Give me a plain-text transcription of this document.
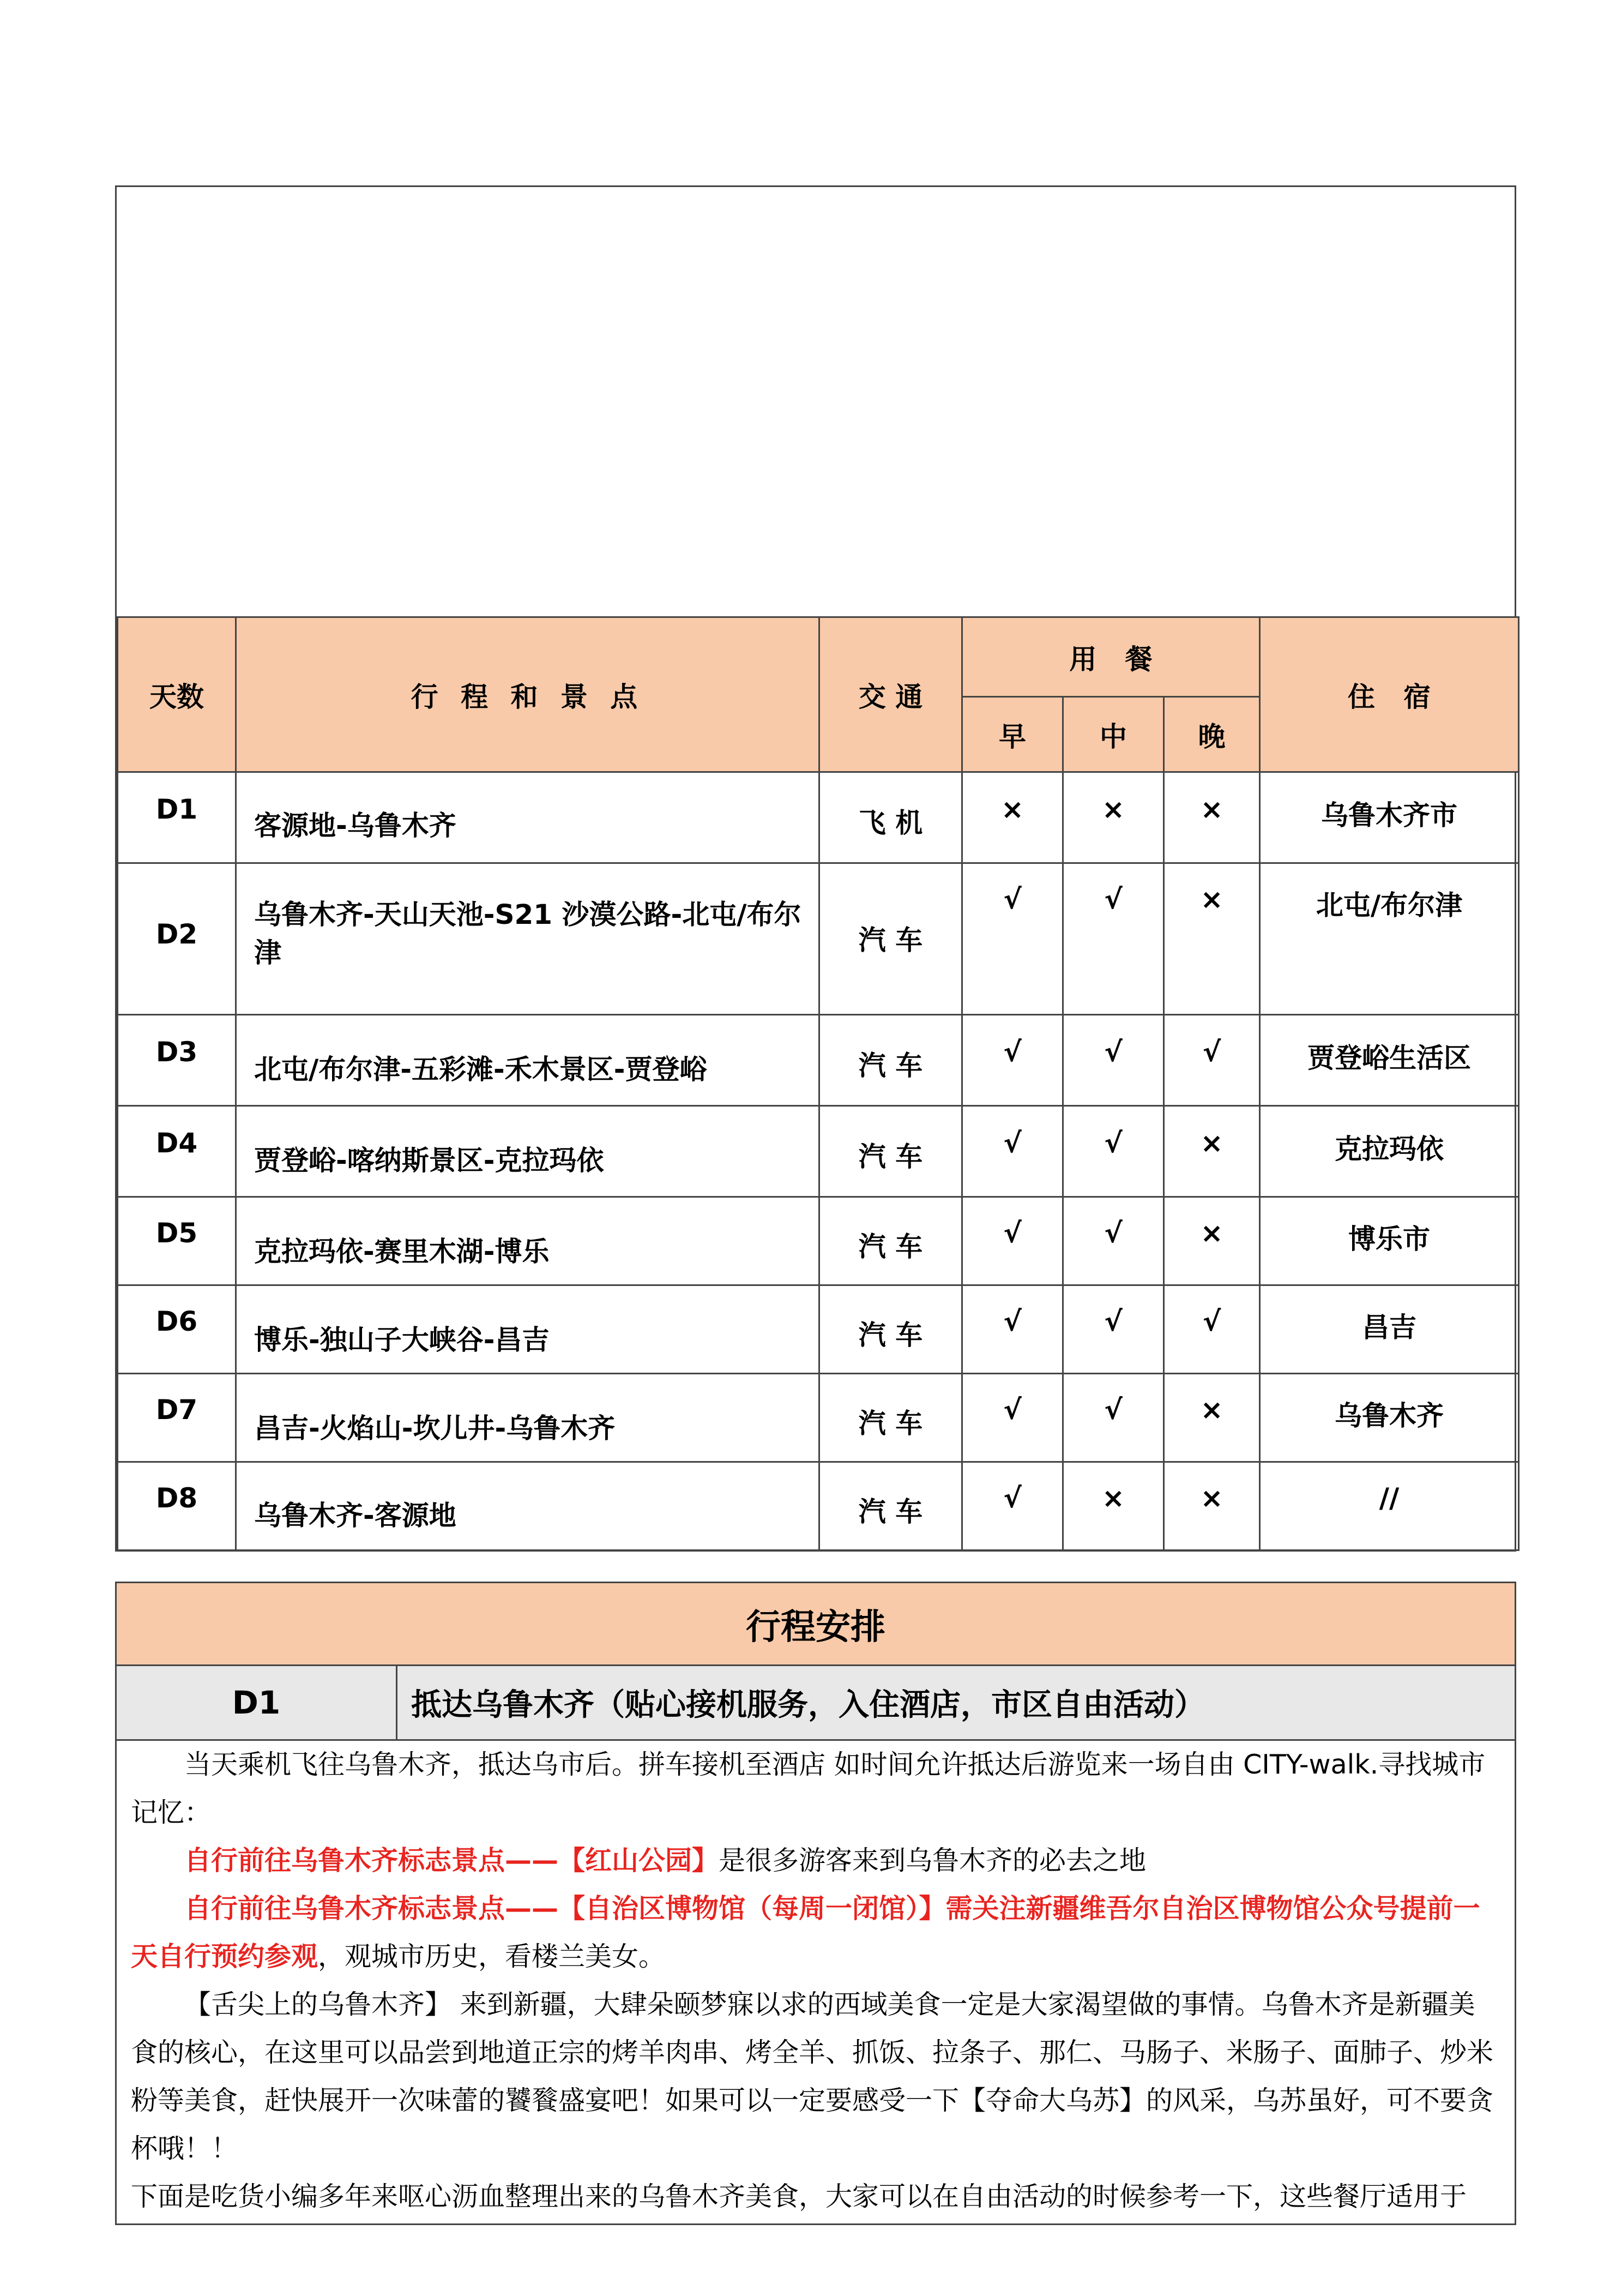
天数	行 程 和 景 点	交 通	用   餐			住   宿
			早	中	晚	

D1	客源地-乌鲁木齐	飞 机	×	×	×	乌鲁木齐市

D2	乌鲁木齐-天山天池-S21 沙漠公路-北屯/布尔津	汽 车	√	√	×	北屯/布尔津

D3	北屯/布尔津-五彩滩-禾木景区-贾登峪	汽 车	√	√	√	贾登峪生活区

D4	贾登峪-喀纳斯景区-克拉玛依	汽 车	√	√	×	克拉玛依

D5	克拉玛依-赛里木湖-博乐	汽 车	√	√	×	博乐市

D6	博乐-独山子大峡谷-昌吉	汽 车	√	√	√	昌吉

D7	昌吉-火焰山-坎儿井-乌鲁木齐	汽 车	√	√	×	乌鲁木齐

D8	乌鲁木齐-客源地	汽 车	√	×	×	//
行程安排
D1	抵达乌鲁木齐（贴心接机服务，入住酒店，市区自由活动）

当天乘机飞往乌鲁木齐，抵达乌市后。拼车接机至酒店 如时间允许抵达后游览来一场自由 CITY-walk.寻找城市记忆：

自行前往乌鲁木齐标志景点——【红山公园】是很多游客来到乌鲁木齐的必去之地

自行前往乌鲁木齐标志景点——【自治区博物馆（每周一闭馆）】需关注新疆维吾尔自治区博物馆公众号提前一天自行预约参观，观城市历史，看楼兰美女。

【舌尖上的乌鲁木齐】 来到新疆，大肆朵颐梦寐以求的西域美食一定是大家渴望做的事情。乌鲁木齐是新疆美食的核心，在这里可以品尝到地道正宗的烤羊肉串、烤全羊、抓饭、拉条子、那仁、马肠子、米肠子、面肺子、炒米粉等美食，赶快展开一次味蕾的饕餮盛宴吧！如果可以一定要感受一下【夺命大乌苏】的风采，乌苏虽好，可不要贪杯哦！！

下面是吃货小编多年来呕心沥血整理出来的乌鲁木齐美食，大家可以在自由活动的时候参考一下，这些餐厅适用于
